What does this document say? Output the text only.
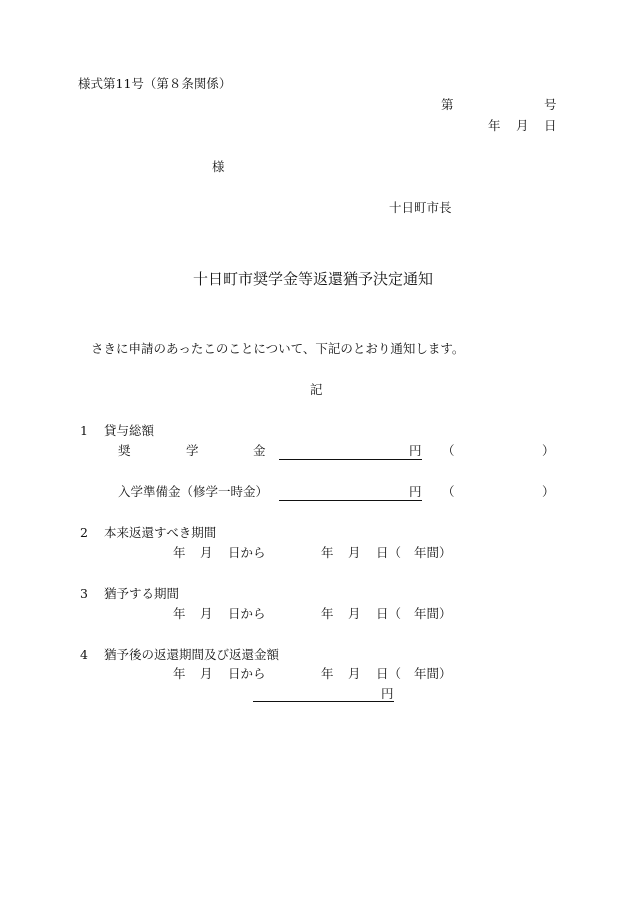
様式第11号（第８条関係）
第	号
年 月 日
様
十日町市長
十日町市奨学金等返還猶予決定通知
さきに申請のあったこのことについて、下記のとおり通知します。
記
1 貸与総額
奨	学	金	円 （	）
入学準備金（修学一時金）	円 （	）
2 本来返還すべき期間
年 月 日から	年 月 日（ 年間）
3 猶予する期間
年 月 日から	年 月 日（ 年間）
4 猶予後の返還期間及び返還金額
年 月 日から	年 月 日（ 年間）
円
